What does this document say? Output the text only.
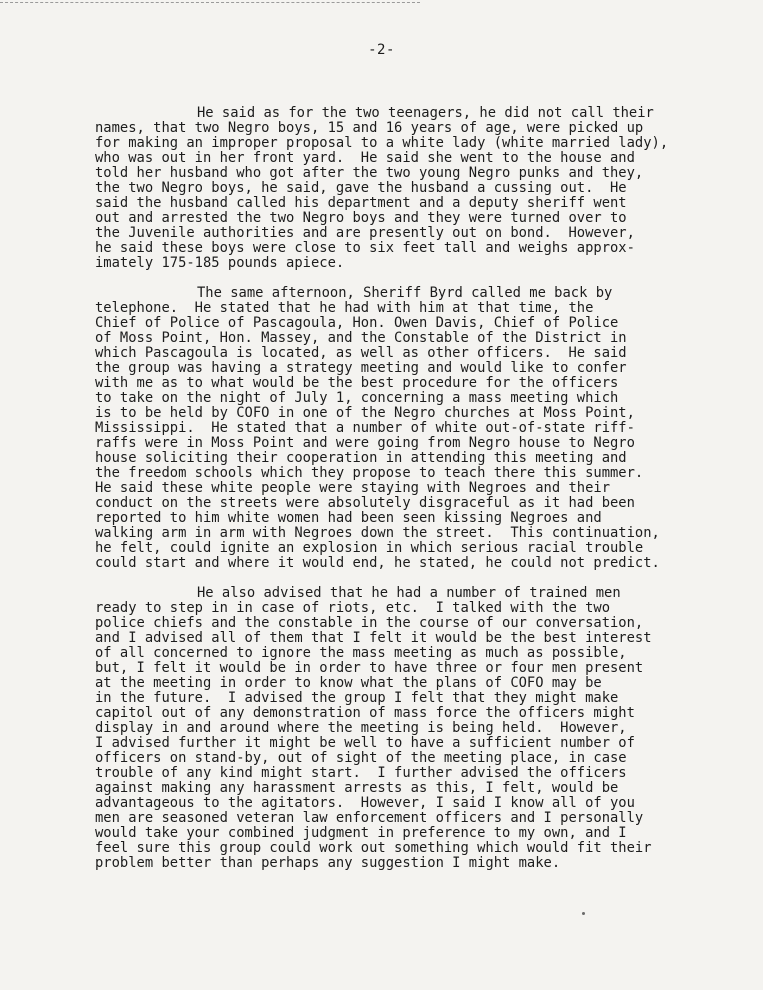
-2-
He said as for the two teenagers, he did not call their
names, that two Negro boys, 15 and 16 years of age, were picked up
for making an improper proposal to a white lady (white married lady),
who was out in her front yard.  He said she went to the house and
told her husband who got after the two young Negro punks and they,
the two Negro boys, he said, gave the husband a cussing out.  He
said the husband called his department and a deputy sheriff went
out and arrested the two Negro boys and they were turned over to
the Juvenile authorities and are presently out on bond.  However,
he said these boys were close to six feet tall and weighs approx-
imately 175-185 pounds apiece.
The same afternoon, Sheriff Byrd called me back by
telephone.  He stated that he had with him at that time, the
Chief of Police of Pascagoula, Hon. Owen Davis, Chief of Police
of Moss Point, Hon. Massey, and the Constable of the District in
which Pascagoula is located, as well as other officers.  He said
the group was having a strategy meeting and would like to confer
with me as to what would be the best procedure for the officers
to take on the night of July 1, concerning a mass meeting which
is to be held by COFO in one of the Negro churches at Moss Point,
Mississippi.  He stated that a number of white out-of-state riff-
raffs were in Moss Point and were going from Negro house to Negro
house soliciting their cooperation in attending this meeting and
the freedom schools which they propose to teach there this summer.
He said these white people were staying with Negroes and their
conduct on the streets were absolutely disgraceful as it had been
reported to him white women had been seen kissing Negroes and
walking arm in arm with Negroes down the street.  This continuation,
he felt, could ignite an explosion in which serious racial trouble
could start and where it would end, he stated, he could not predict.
He also advised that he had a number of trained men
ready to step in in case of riots, etc.  I talked with the two
police chiefs and the constable in the course of our conversation,
and I advised all of them that I felt it would be the best interest
of all concerned to ignore the mass meeting as much as possible,
but, I felt it would be in order to have three or four men present
at the meeting in order to know what the plans of COFO may be
in the future.  I advised the group I felt that they might make
capitol out of any demonstration of mass force the officers might
display in and around where the meeting is being held.  However,
I advised further it might be well to have a sufficient number of
officers on stand-by, out of sight of the meeting place, in case
trouble of any kind might start.  I further advised the officers
against making any harassment arrests as this, I felt, would be
advantageous to the agitators.  However, I said I know all of you
men are seasoned veteran law enforcement officers and I personally
would take your combined judgment in preference to my own, and I
feel sure this group could work out something which would fit their
problem better than perhaps any suggestion I might make.
